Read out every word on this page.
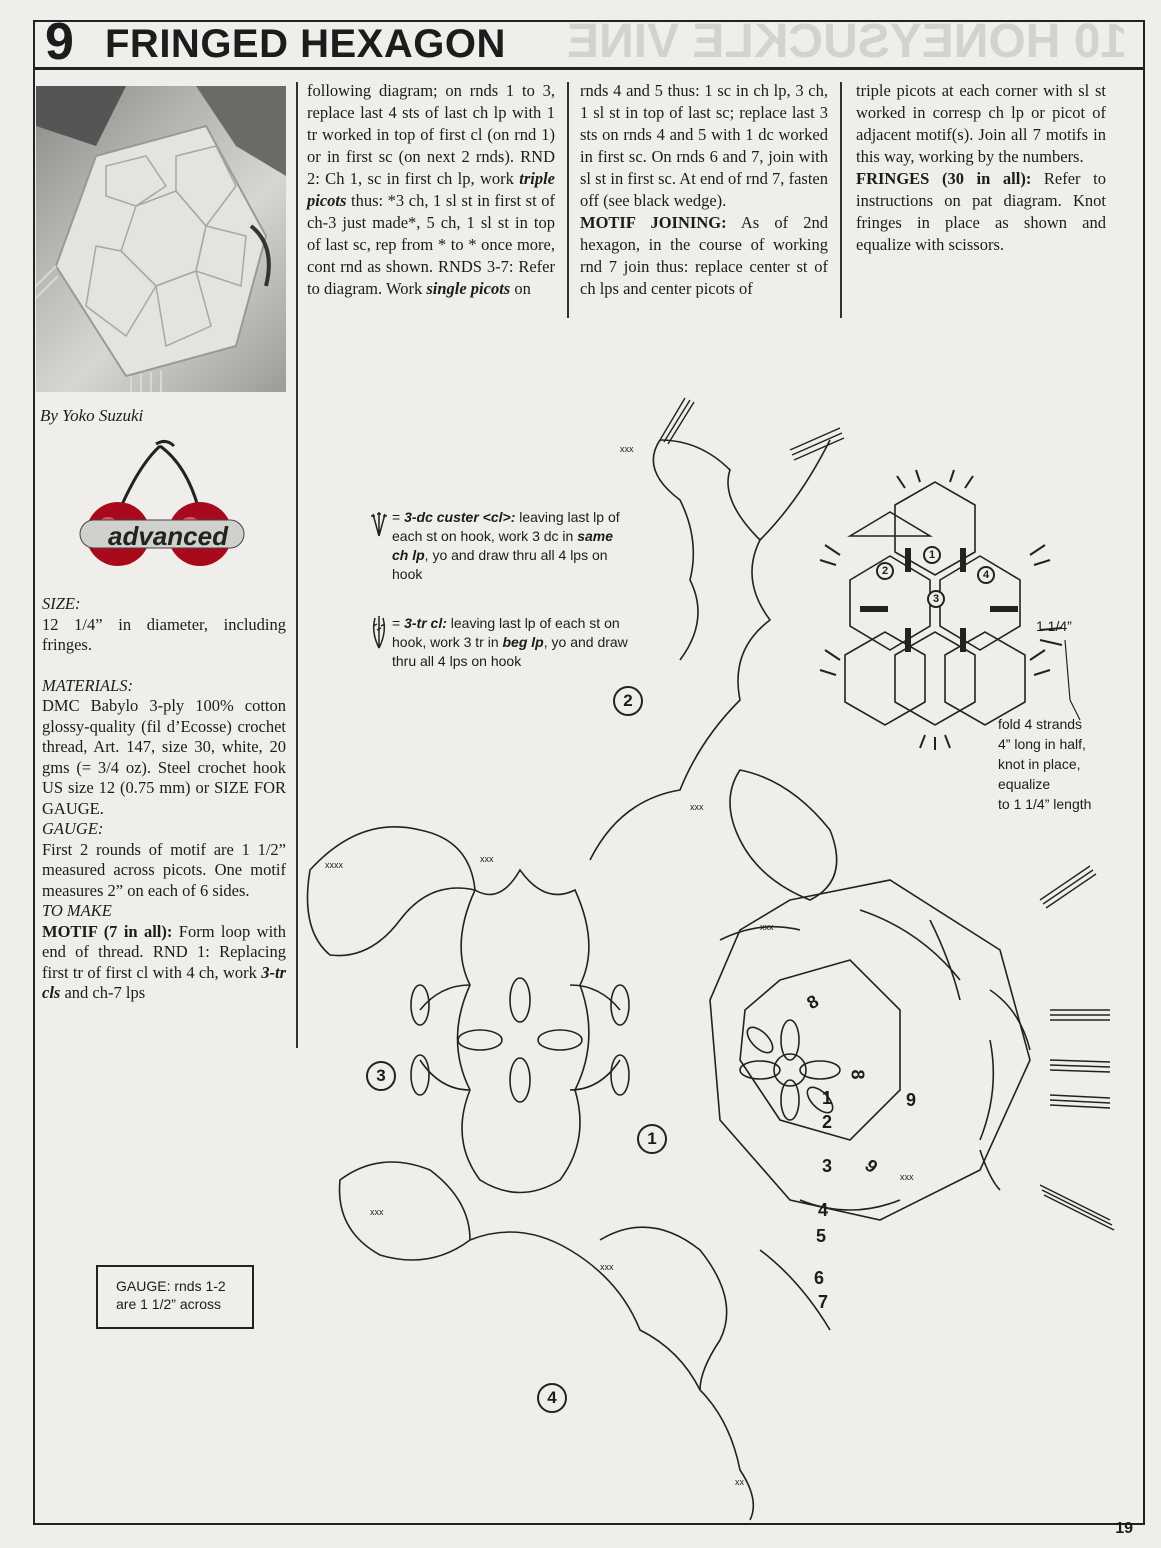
9 FRINGED HEXAGON 10 HONEYSUCKLE VINE
By Yoko Suzuki
advanced

SIZE:

12 1/4” in diameter, including fringes.

MATERIALS:

DMC Babylo 3-ply 100% cotton glossy-quality (fil d’Ecosse) crochet thread, Art. 147, size 30, white, 20 gms (= 3/4 oz). Steel crochet hook US size 12 (0.75 mm) or SIZE FOR GAUGE.

GAUGE:

First 2 rounds of motif are 1 1/2” measured across picots. One motif measures 2” on each of 6 sides.

TO MAKE

MOTIF (7 in all): Form loop with end of thread. RND 1: Replacing first tr of first cl with 4 ch, work 3-tr cls and ch-7 lps

following diagram; on rnds 1 to 3, replace last 4 sts of last ch lp with 1 tr worked in top of first cl (on rnd 1) or in first sc (on next 2 rnds). RND 2: Ch 1, sc in first ch lp, work triple picots thus: *3 ch, 1 sl st in first st of ch-3 just made*, 5 ch, 1 sl st in top of last sc, rep from * to * once more, cont rnd as shown. RNDS 3-7: Refer to diagram. Work single picots on

rnds 4 and 5 thus: 1 sc in ch lp, 3 ch, 1 sl st in top of last sc; replace last 3 sts on rnds 4 and 5 with 1 dc worked in first sc. On rnds 6 and 7, join with sl st in first sc. At end of rnd 7, fasten off (see black wedge).

MOTIF JOINING: As of 2nd hexagon, in the course of working rnd 7 join thus: replace center st of ch lps and center picots of

triple picots at each corner with sl st worked in corresp ch lp or picot of adjacent motif(s). Join all 7 motifs in this way, working by the numbers.

FRINGES (30 in all): Refer to instructions on pat diagram. Knot fringes in place as shown and equalize with scissors.

= 3-dc custer <cl>: leaving last lp of each st on hook, work 3 dc in same ch lp, yo and draw thru all 4 lps on hook
= 3-tr cl: leaving last lp of each st on hook, work 3 tr in beg lp, yo and draw thru all 4 lps on hook
xxxx
xxx
xxx
xxx
xxx
xxx
xxx
xx
xxx
1
2
3
4
8
8
1
2
3
4
5
6
7
9
9
1
2
3
4
1 1/4”
fold 4 strands
4” long in half,
knot in place,
equalize
to 1 1/4” length
GAUGE: rnds 1-2
are 1 1/2” across
19
